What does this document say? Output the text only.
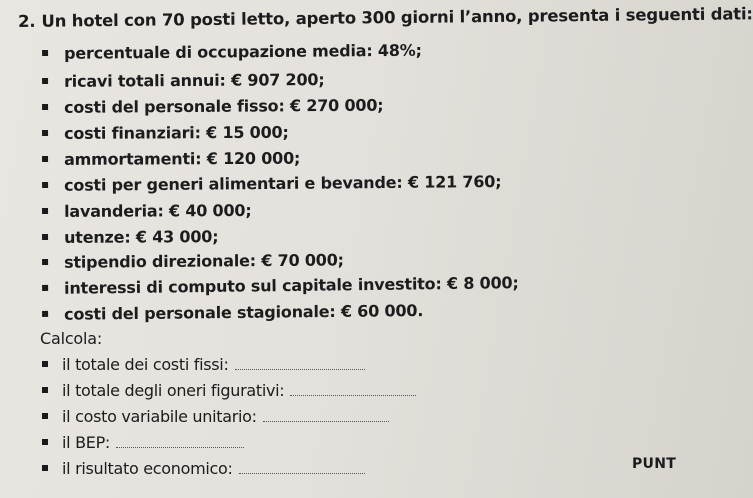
2. Un hotel con 70 posti letto, aperto 300 giorni l’anno, presenta i seguenti dati:
percentuale di occupazione media: 48%;
ricavi totali annui: € 907 200;
costi del personale fisso: € 270 000;
costi finanziari: € 15 000;
ammortamenti: € 120 000;
costi per generi alimentari e bevande: € 121 760;
lavanderia: € 40 000;
utenze: € 43 000;
stipendio direzionale: € 70 000;
interessi di computo sul capitale investito: € 8 000;
costi del personale stagionale: € 60 000.
Calcola:
il totale dei costi fissi:
il totale degli oneri figurativi:
il costo variabile unitario:
il BEP:
il risultato economico:	PUNT
